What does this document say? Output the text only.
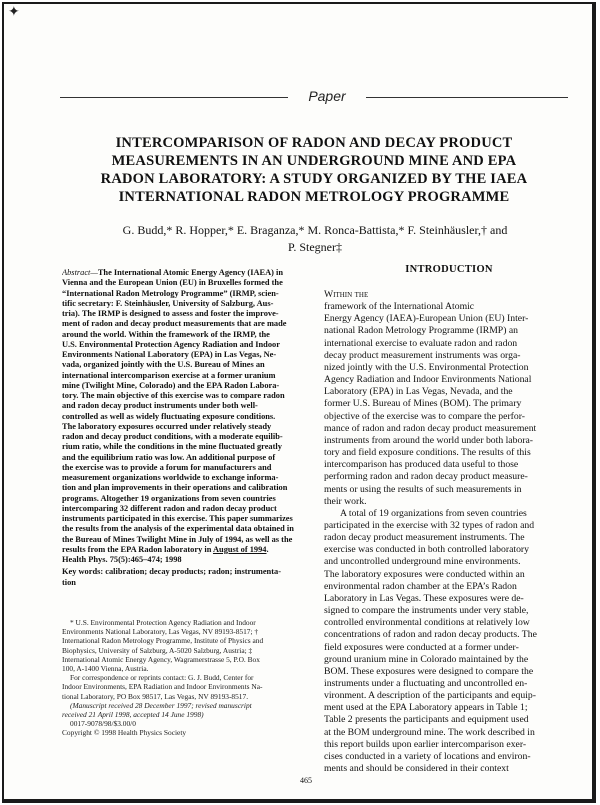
✦
Paper
INTERCOMPARISON OF RADON AND DECAY PRODUCT
MEASUREMENTS IN AN UNDERGROUND MINE AND EPA
RADON LABORATORY: A STUDY ORGANIZED BY THE IAEA
INTERNATIONAL RADON METROLOGY PROGRAMME
G. Budd,* R. Hopper,* E. Braganza,* M. Ronca-Battista,* F. Steinhäusler,† and
P. Stegner‡
Abstract—The International Atomic Energy Agency (IAEA) in
Vienna and the European Union (EU) in Bruxelles formed the
“International Radon Metrology Programme” (IRMP, scien-
tific secretary: F. Steinhäusler, University of Salzburg, Aus-
tria). The IRMP is designed to assess and foster the improve-
ment of radon and decay product measurements that are made
around the world. Within the framework of the IRMP, the
U.S. Environmental Protection Agency Radiation and Indoor
Environments National Laboratory (EPA) in Las Vegas, Ne-
vada, organized jointly with the U.S. Bureau of Mines an
international intercomparison exercise at a former uranium
mine (Twilight Mine, Colorado) and the EPA Radon Labora-
tory. The main objective of this exercise was to compare radon
and radon decay product instruments under both well-
controlled as well as widely fluctuating exposure conditions.
The laboratory exposures occurred under relatively steady
radon and decay product conditions, with a moderate equilib-
rium ratio, while the conditions in the mine fluctuated greatly
and the equilibrium ratio was low. An additional purpose of
the exercise was to provide a forum for manufacturers and
measurement organizations worldwide to exchange informa-
tion and plan improvements in their operations and calibration
programs. Altogether 19 organizations from seven countries
intercomparing 32 different radon and radon decay product
instruments participated in this exercise. This paper summarizes
the results from the analysis of the experimental data obtained in
the Bureau of Mines Twilight Mine in July of 1994, as well as the
results from the EPA Radon laboratory in August of 1994.
Health Phys. 75(5):465–474; 1998
Key words: calibration; decay products; radon; instrumenta-
tion
* U.S. Environmental Protection Agency Radiation and Indoor
Environments National Laboratory, Las Vegas, NV 89193-8517; †
International Radon Metrology Programme, Institute of Physics and
Biophysics, University of Salzburg, A-5020 Salzburg, Austria; ‡
International Atomic Energy Agency, Wagramerstrasse 5, P.O. Box
100, A-1400 Vienna, Austria.
For correspondence or reprints contact: G. J. Budd, Center for
Indoor Environments, EPA Radiation and Indoor Environments Na-
tional Laboratory, PO Box 98517, Las Vegas, NV 89193-8517.
(Manuscript received 28 December 1997; revised manuscript
received 21 April 1998, accepted 14 June 1998)
0017-9078/98/$3.00/0
Copyright © 1998 Health Physics Society
INTRODUCTION
Within the
framework of the International Atomic
Energy Agency (IAEA)-European Union (EU) Inter-
national Radon Metrology Programme (IRMP) an
international exercise to evaluate radon and radon
decay product measurement instruments was orga-
nized jointly with the U.S. Environmental Protection
Agency Radiation and Indoor Environments National
Laboratory (EPA) in Las Vegas, Nevada, and the
former U.S. Bureau of Mines (BOM). The primary
objective of the exercise was to compare the perfor-
mance of radon and radon decay product measurement
instruments from around the world under both labora-
tory and field exposure conditions. The results of this
intercomparison has produced data useful to those
performing radon and radon decay product measure-
ments or using the results of such measurements in
their work.
A total of 19 organizations from seven countries
participated in the exercise with 32 types of radon and
radon decay product measurement instruments. The
exercise was conducted in both controlled laboratory
and uncontrolled underground mine environments.
The laboratory exposures were conducted within an
environmental radon chamber at the EPA’s Radon
Laboratory in Las Vegas. These exposures were de-
signed to compare the instruments under very stable,
controlled environmental conditions at relatively low
concentrations of radon and radon decay products. The
field exposures were conducted at a former under-
ground uranium mine in Colorado maintained by the
BOM. These exposures were designed to compare the
instruments under a fluctuating and uncontrolled en-
vironment. A description of the participants and equip-
ment used at the EPA Laboratory appears in Table 1;
Table 2 presents the participants and equipment used
at the BOM underground mine. The work described in
this report builds upon earlier intercomparison exer-
cises conducted in a variety of locations and environ-
ments and should be considered in their context
465
